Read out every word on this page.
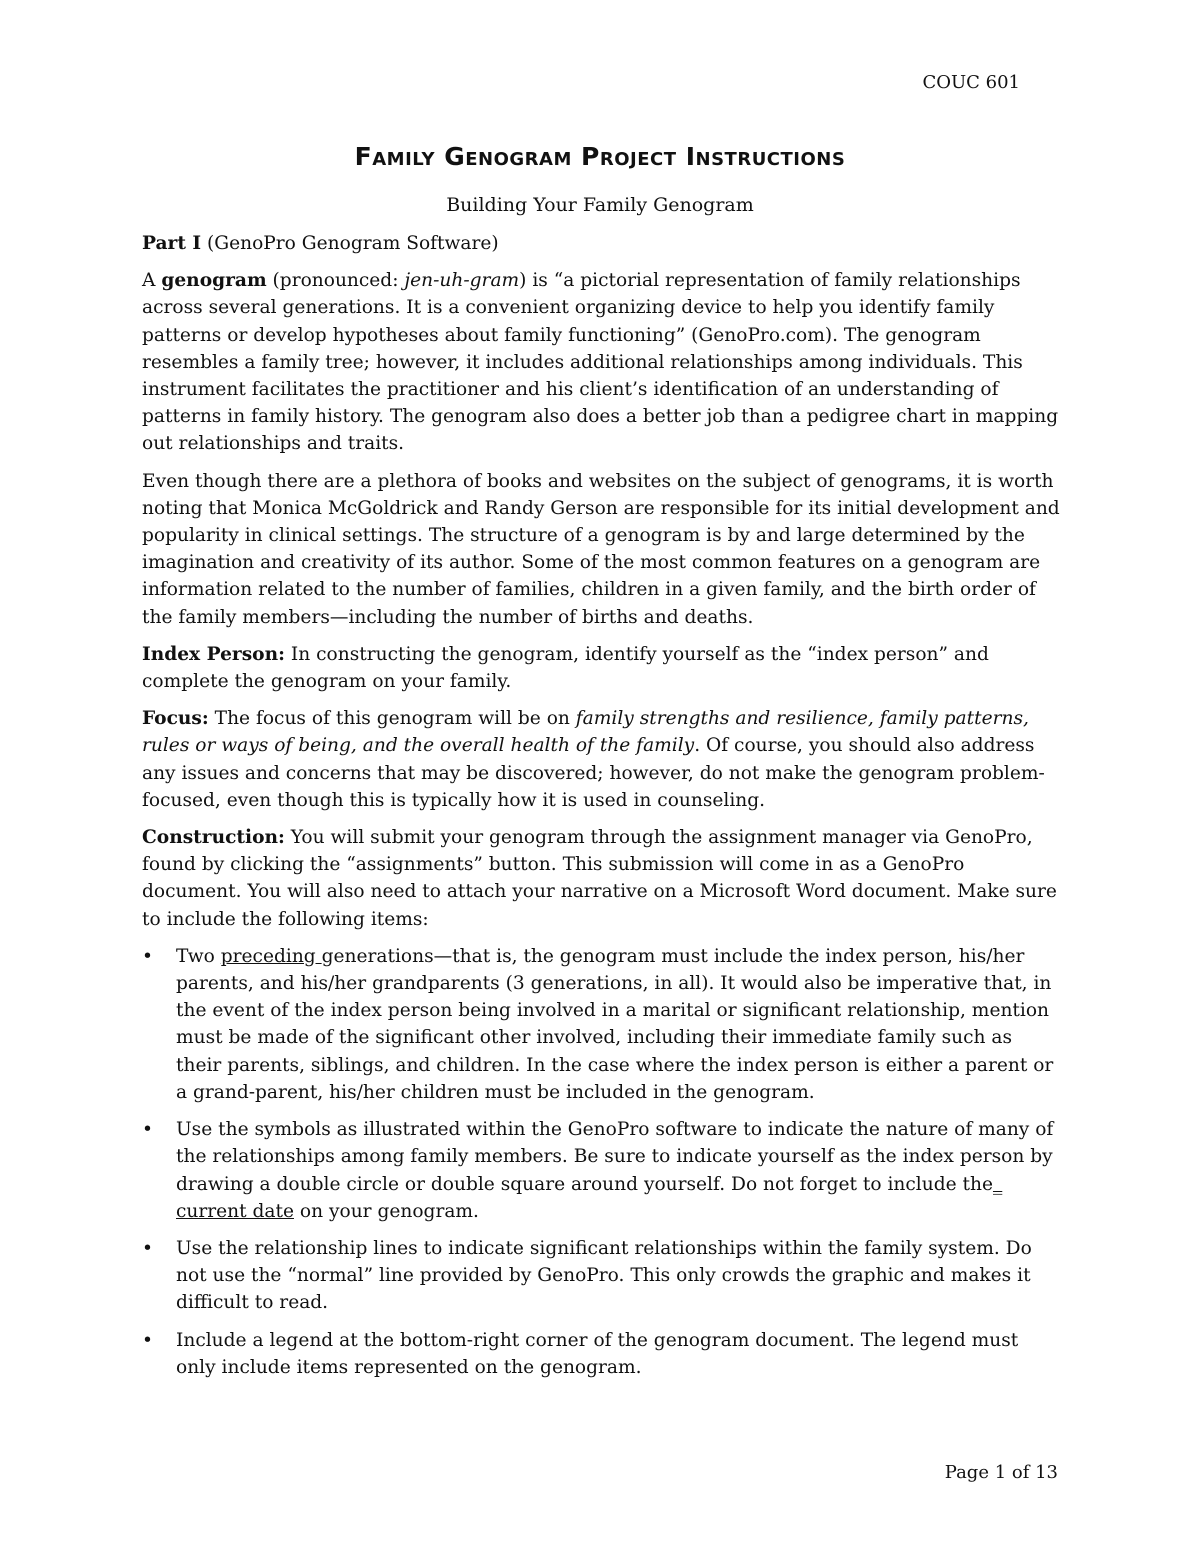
COUC 601
Family Genogram Project Instructions
Building Your Family Genogram

Part I (GenoPro Genogram Software)

A genogram (pronounced: jen-uh-gram) is “a pictorial representation of family relationships across several generations. It is a convenient organizing device to help you identify family patterns or develop hypotheses about family functioning” (GenoPro.com). The genogram resembles a family tree; however, it includes additional relationships among individuals. This instrument facilitates the practitioner and his client’s identification of an understanding of patterns in family history. The genogram also does a better job than a pedigree chart in mapping out relationships and traits.

Even though there are a plethora of books and websites on the subject of genograms, it is worth noting that Monica McGoldrick and Randy Gerson are responsible for its initial development and popularity in clinical settings. The structure of a genogram is by and large determined by the imagination and creativity of its author. Some of the most common features on a genogram are information related to the number of families, children in a given family, and the birth order of the family members—including the number of births and deaths.

Index Person: In constructing the genogram, identify yourself as the “index person” and complete the genogram on your family.

Focus: The focus of this genogram will be on family strengths and resilience, family patterns, rules or ways of being, and the overall health of the family. Of course, you should also address any issues and concerns that may be discovered; however, do not make the genogram problem-focused, even though this is typically how it is used in counseling.

Construction: You will submit your genogram through the assignment manager via GenoPro, found by clicking the “assignments” button. This submission will come in as a GenoPro document. You will also need to attach your narrative on a Microsoft Word document. Make sure to include the following items:

• Two preceding generations—that is, the genogram must include the index person, his/her parents, and his/her grandparents (3 generations, in all). It would also be imperative that, in the event of the index person being involved in a marital or significant relationship, mention must be made of the significant other involved, including their immediate family such as their parents, siblings, and children. In the case where the index person is either a parent or a grand-parent, his/her children must be included in the genogram.
• Use the symbols as illustrated within the GenoPro software to indicate the nature of many of the relationships among family members. Be sure to indicate yourself as the index person by drawing a double circle or double square around yourself. Do not forget to include the_ current date on your genogram.
• Use the relationship lines to indicate significant relationships within the family system. Do not use the “normal” line provided by GenoPro. This only crowds the graphic and makes it difficult to read.
• Include a legend at the bottom-right corner of the genogram document. The legend must only include items represented on the genogram.
Page 1 of 13
